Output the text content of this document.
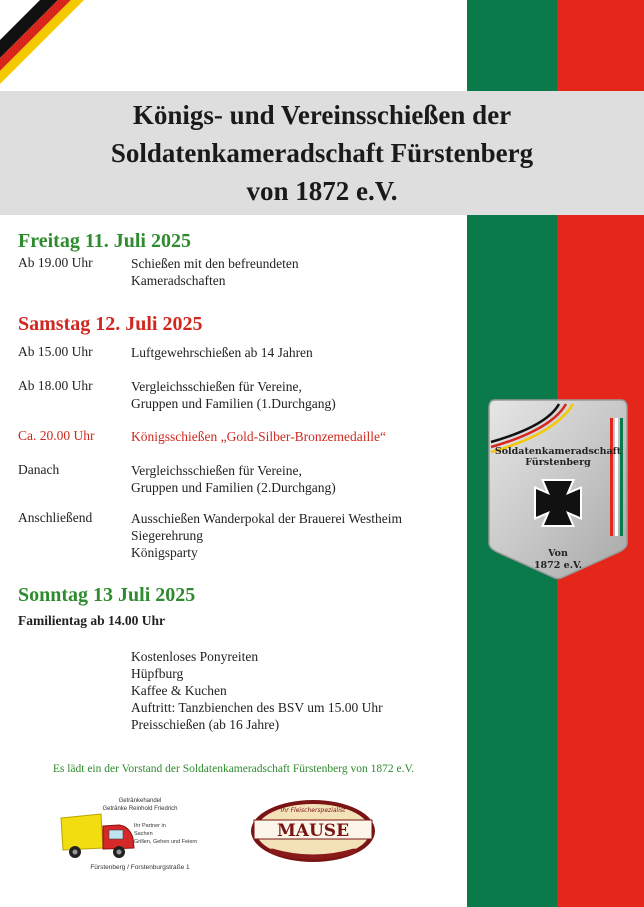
Königs- und Vereinsschießen der
Soldatenkameradschaft Fürstenberg
von 1872 e.V.
Freitag 11. Juli 2025
Ab 19.00 Uhr	Schießen mit den befreundeten
Kameradschaften
Samstag 12. Juli 2025
Ab 15.00 Uhr	Luftgewehrschießen ab 14 Jahren
Ab 18.00 Uhr	Vergleichsschießen für Vereine,
Gruppen und Familien (1.Durchgang)
Ca. 20.00 Uhr	Königsschießen „Gold-Silber-Bronzemedaille“
Danach	Vergleichsschießen für Vereine,
Gruppen und Familien (2.Durchgang)
Anschließend	Ausschießen Wanderpokal der Brauerei Westheim
Siegerehrung
Königsparty
Sonntag 13 Juli 2025
Familientag ab 14.00 Uhr
Kostenloses Ponyreiten
Hüpfburg
Kaffee & Kuchen
Auftritt: Tanzbienchen des BSV um 15.00 Uhr
Preisschießen (ab 16 Jahre)
Es lädt ein der Vorstand der Soldatenkameradschaft Fürstenberg von 1872 e.V.
Soldatenkameradschaft
Fürstenberg
Von
1872 e.V.
Getränkehandel
Getränke Reinhold Friedrich
Ihr Partner in
Sachen
Grillen, Gehen und Feiern
Fürstenberg / Forstenburgstraße 1
Ihr Fleischerspezialist
MAUSE
